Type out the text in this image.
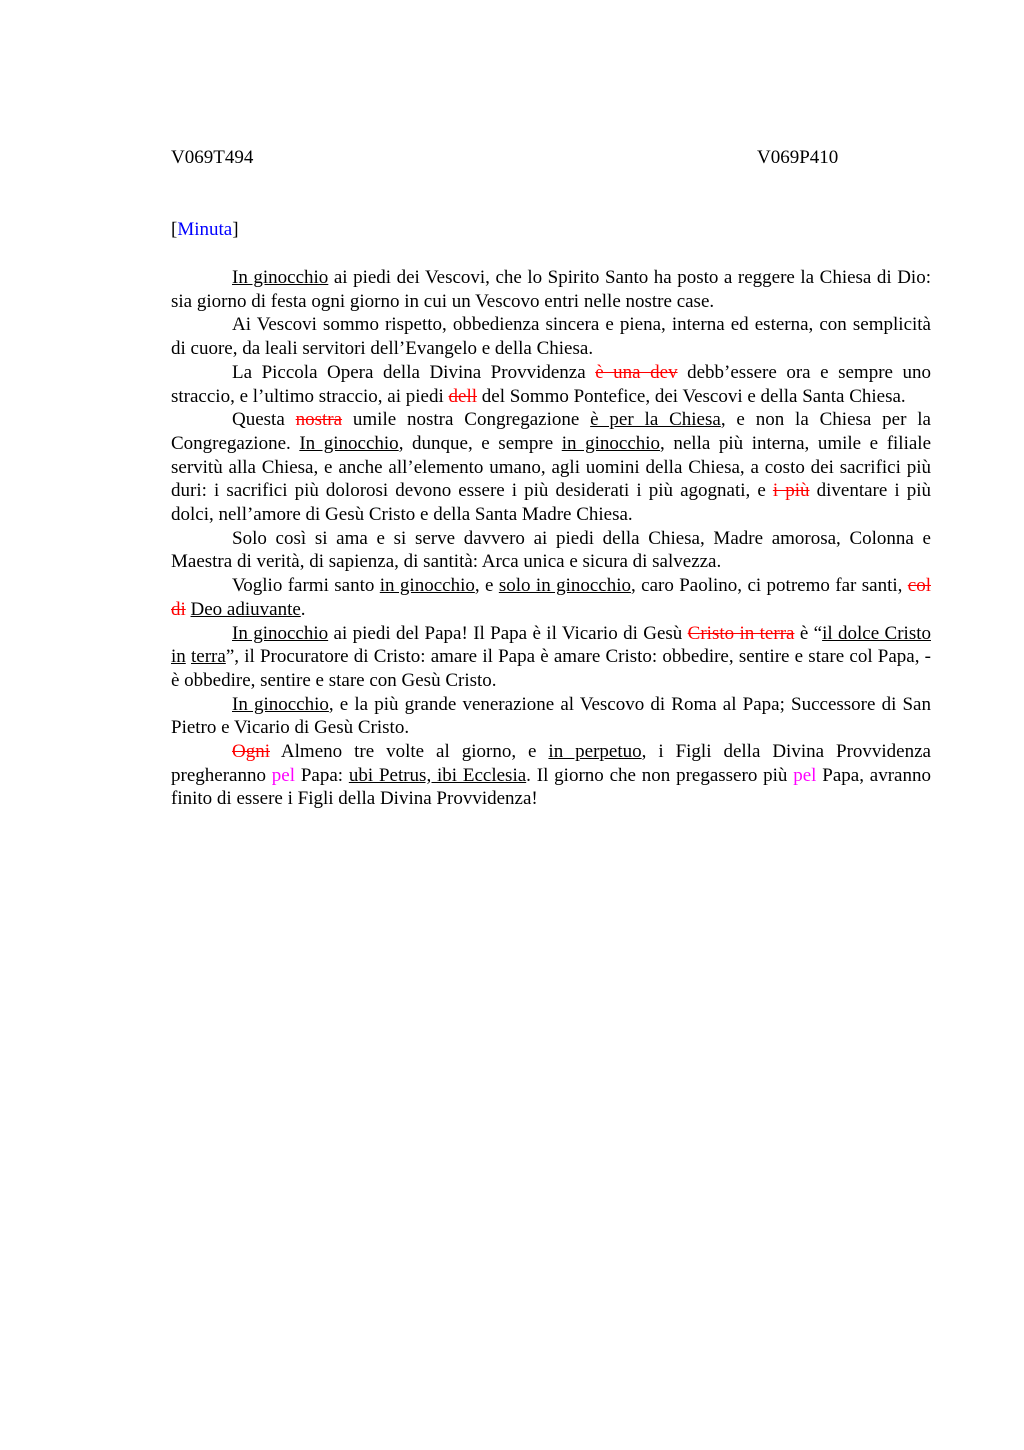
V069T494	V069P410
[Minuta]

In ginocchio ai piedi dei Vescovi, che lo Spirito Santo ha posto a reggere la Chiesa di Dio: sia giorno di festa ogni giorno in cui un Vescovo entri nelle nostre case.

Ai Vescovi sommo rispetto, obbedienza sincera e piena, interna ed esterna, con semplicità di cuore, da leali servitori dell’Evangelo e della Chiesa.

La Piccola Opera della Divina Provvidenza è una dev debb’essere ora e sempre uno straccio, e l’ultimo straccio, ai piedi dell del Sommo Pontefice, dei Vescovi e della Santa Chiesa.

Questa nostra umile nostra Congregazione è per la Chiesa, e non la Chiesa per la Congregazione. In ginocchio, dunque, e sempre in ginocchio, nella più interna, umile e filiale servitù alla Chiesa, e anche all’elemento umano, agli uomini della Chiesa, a costo dei sacrifici più duri: i sacrifici più dolorosi devono essere i più desiderati i più agognati, e i più diventare i più dolci, nell’amore di Gesù Cristo e della Santa Madre Chiesa.

Solo così si ama e si serve davvero ai piedi della Chiesa, Madre amorosa, Colonna e Maestra di verità, di sapienza, di santità: Arca unica e sicura di salvezza.

Voglio farmi santo in ginocchio, e solo in ginocchio, caro Paolino, ci potremo far santi, col di Deo adiuvante.

In ginocchio ai piedi del Papa! Il Papa è il Vicario di Gesù Cristo in terra è “il dolce Cristo in terra”, il Procuratore di Cristo: amare il Papa è amare Cristo: obbedire, sentire e stare col Papa, - è obbedire, sentire e stare con Gesù Cristo.

In ginocchio, e la più grande venerazione al Vescovo di Roma al Papa; Successore di San Pietro e Vicario di Gesù Cristo.

Ogni Almeno tre volte al giorno, e in perpetuo, i Figli della Divina Provvidenza pregheranno pel Papa: ubi Petrus, ibi Ecclesia. Il giorno che non pregassero più pel Papa, avranno finito di essere i Figli della Divina Provvidenza!
